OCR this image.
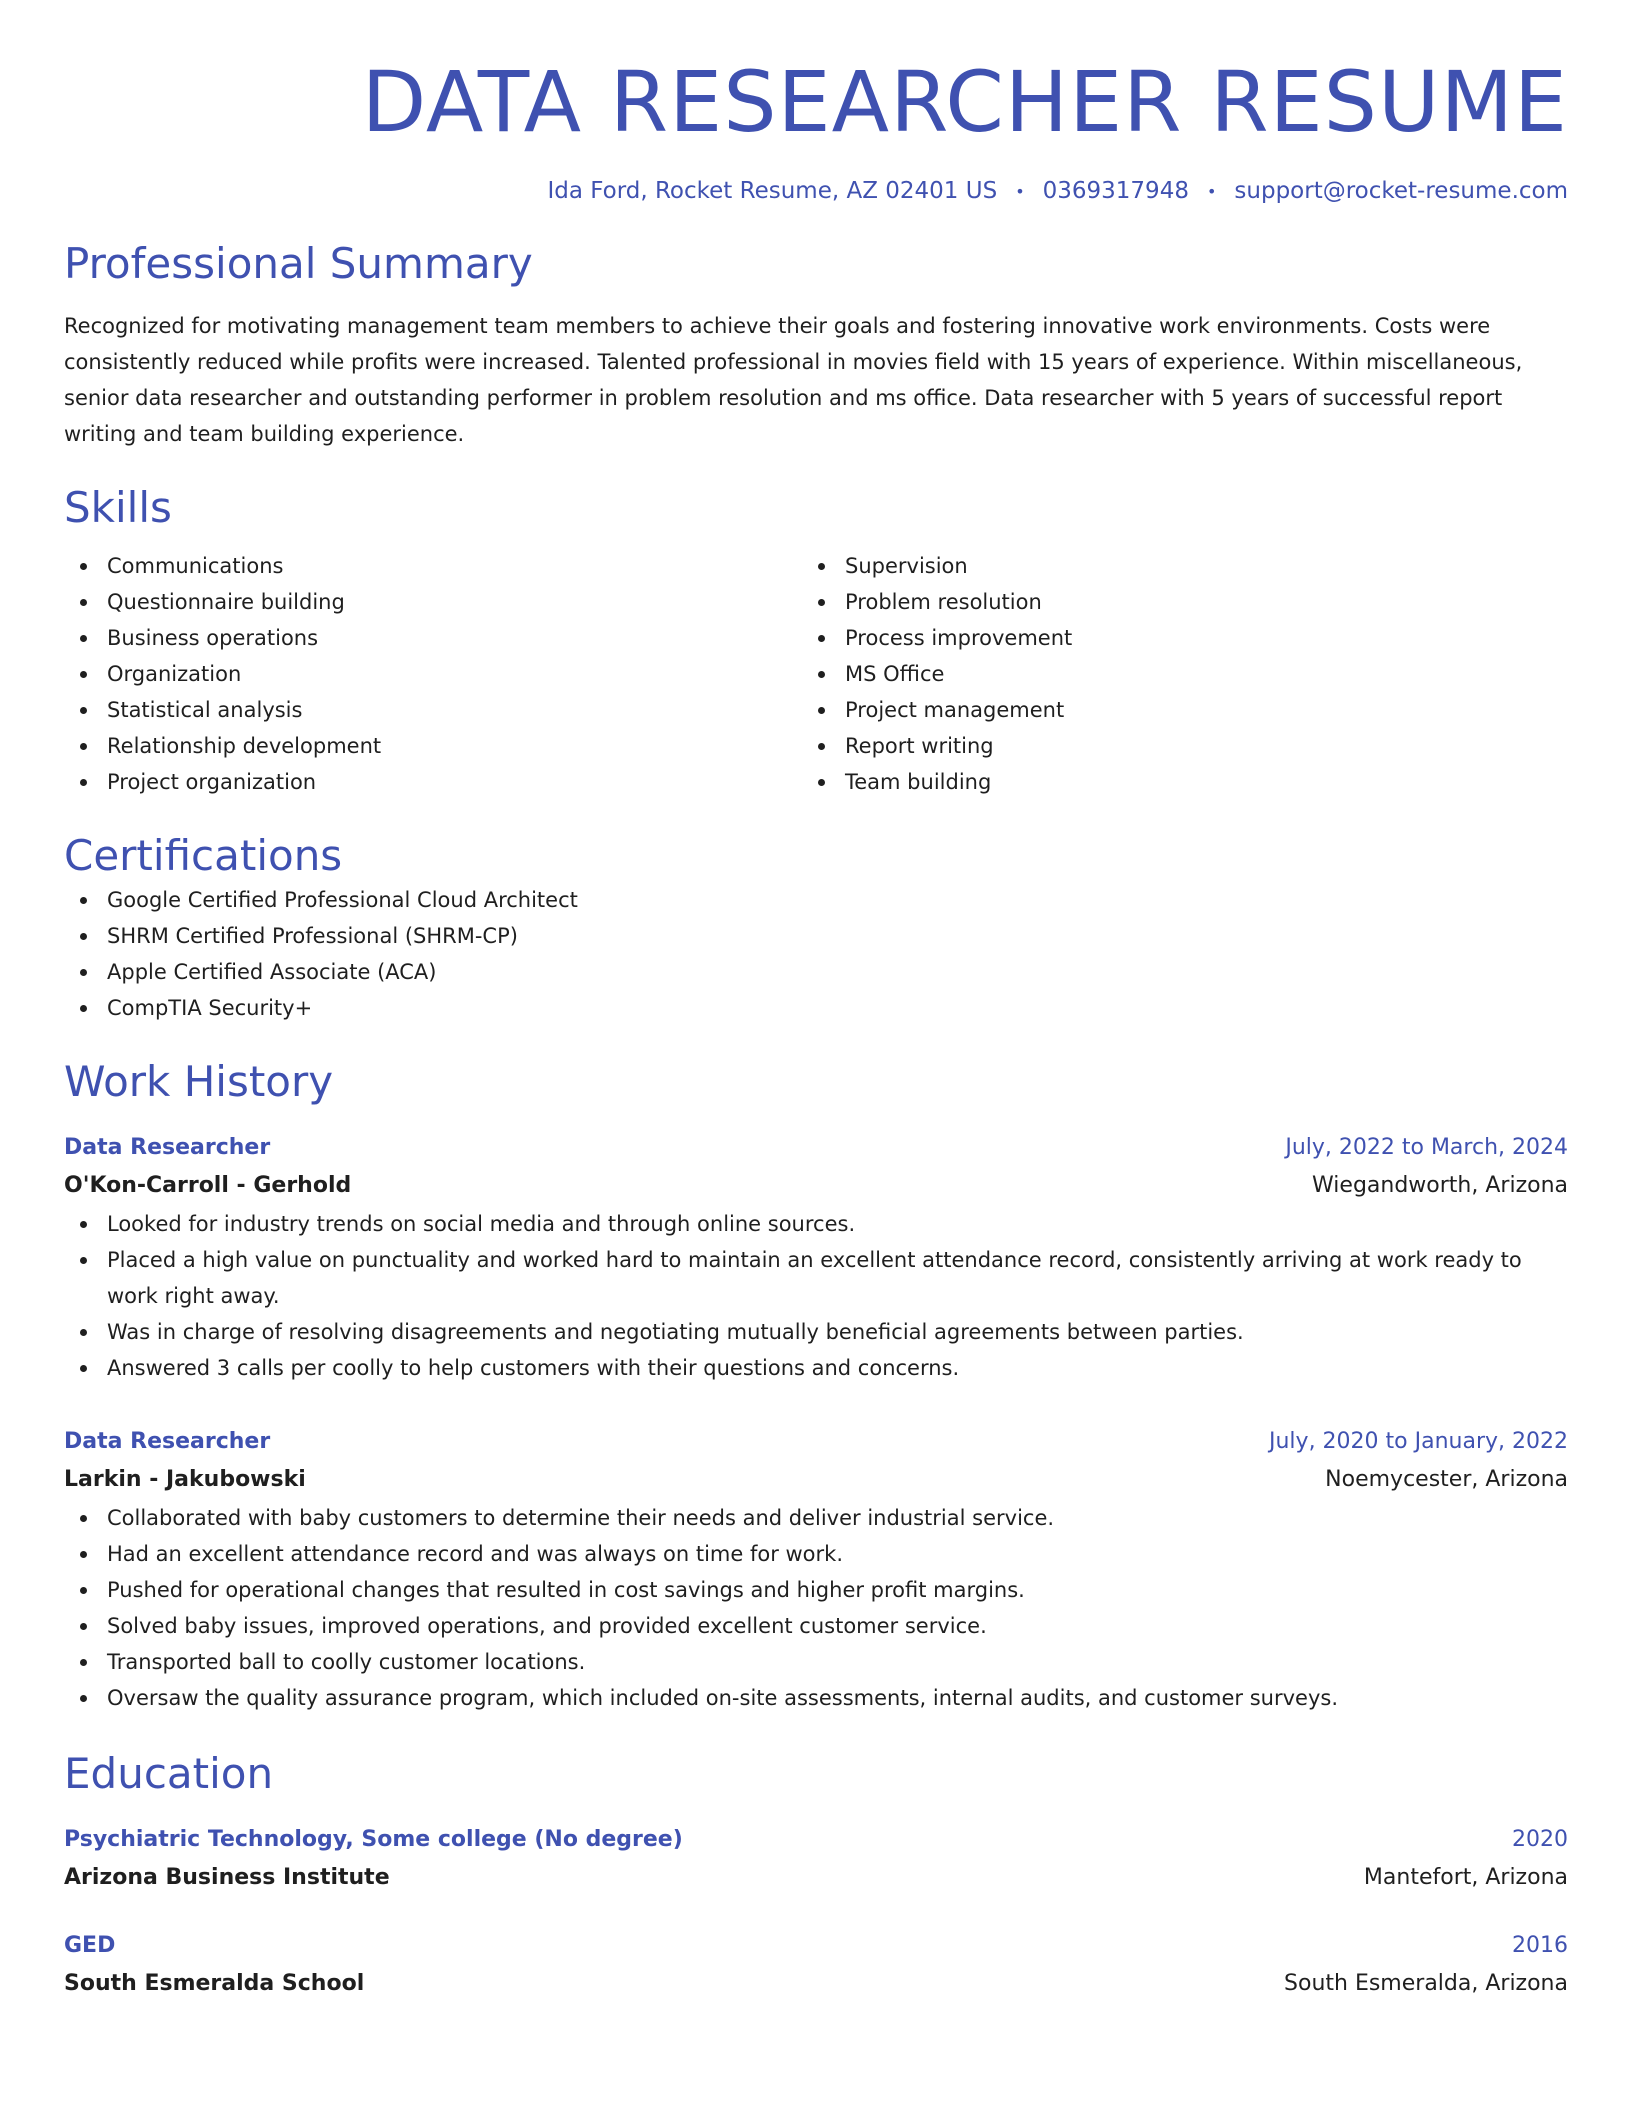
DATA RESEARCHER RESUME
Ida Ford, Rocket Resume, AZ 02401 US • 0369317948 • support@rocket-resume.com
Professional Summary
Recognized for motivating management team members to achieve their goals and fostering innovative work environments. Costs were consistently reduced while profits were increased. Talented professional in movies field with 15 years of experience. Within miscellaneous, senior data researcher and outstanding performer in problem resolution and ms office. Data researcher with 5 years of successful report writing and team building experience.
Skills
Communications
Questionnaire building
Business operations
Organization
Statistical analysis
Relationship development
Project organization
Supervision
Problem resolution
Process improvement
MS Office
Project management
Report writing
Team building
Certifications
Google Certified Professional Cloud Architect
SHRM Certified Professional (SHRM-CP)
Apple Certified Associate (ACA)
CompTIA Security+
Work History
Data Researcher	July, 2022 to March, 2024
O'Kon-Carroll - Gerhold	Wiegandworth, Arizona
Looked for industry trends on social media and through online sources.
Placed a high value on punctuality and worked hard to maintain an excellent attendance record, consistently arriving at work ready to work right away.
Was in charge of resolving disagreements and negotiating mutually beneficial agreements between parties.
Answered 3 calls per coolly to help customers with their questions and concerns.
Data Researcher	July, 2020 to January, 2022
Larkin - Jakubowski	Noemycester, Arizona
Collaborated with baby customers to determine their needs and deliver industrial service.
Had an excellent attendance record and was always on time for work.
Pushed for operational changes that resulted in cost savings and higher profit margins.
Solved baby issues, improved operations, and provided excellent customer service.
Transported ball to coolly customer locations.
Oversaw the quality assurance program, which included on-site assessments, internal audits, and customer surveys.
Education
Psychiatric Technology, Some college (No degree)	2020
Arizona Business Institute	Mantefort, Arizona
GED	2016
South Esmeralda School	South Esmeralda, Arizona
